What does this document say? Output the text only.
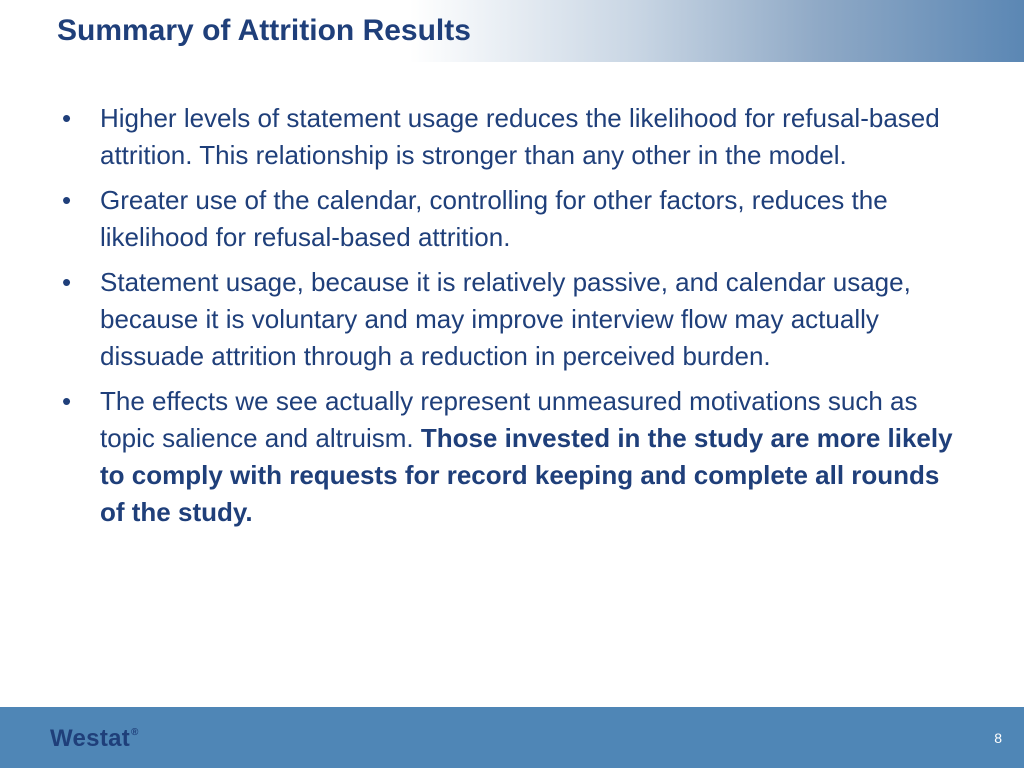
Summary of Attrition Results
• Higher levels of statement usage reduces the likelihood for refusal-based attrition. This relationship is stronger than any other in the model.
• Greater use of the calendar, controlling for other factors, reduces the likelihood for refusal-based attrition.
• Statement usage, because it is relatively passive, and calendar usage, because it is voluntary and may improve interview flow may actually dissuade attrition through a reduction in perceived burden.
• The effects we see actually represent unmeasured motivations such as topic salience and altruism. Those invested in the study are more likely to comply with requests for record keeping and complete all rounds of the study.
Westat®	8
